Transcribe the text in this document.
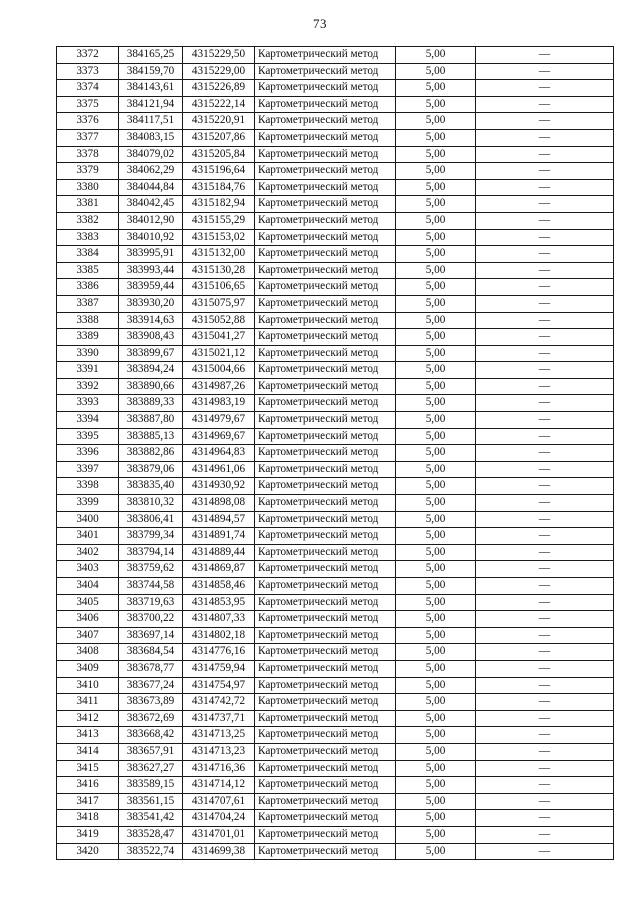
73
3372	384165,25	4315229,50	Картометрический метод	5,00	—
3373	384159,70	4315229,00	Картометрический метод	5,00	—
3374	384143,61	4315226,89	Картометрический метод	5,00	—
3375	384121,94	4315222,14	Картометрический метод	5,00	—
3376	384117,51	4315220,91	Картометрический метод	5,00	—
3377	384083,15	4315207,86	Картометрический метод	5,00	—
3378	384079,02	4315205,84	Картометрический метод	5,00	—
3379	384062,29	4315196,64	Картометрический метод	5,00	—
3380	384044,84	4315184,76	Картометрический метод	5,00	—
3381	384042,45	4315182,94	Картометрический метод	5,00	—
3382	384012,90	4315155,29	Картометрический метод	5,00	—
3383	384010,92	4315153,02	Картометрический метод	5,00	—
3384	383995,91	4315132,00	Картометрический метод	5,00	—
3385	383993,44	4315130,28	Картометрический метод	5,00	—
3386	383959,44	4315106,65	Картометрический метод	5,00	—
3387	383930,20	4315075,97	Картометрический метод	5,00	—
3388	383914,63	4315052,88	Картометрический метод	5,00	—
3389	383908,43	4315041,27	Картометрический метод	5,00	—
3390	383899,67	4315021,12	Картометрический метод	5,00	—
3391	383894,24	4315004,66	Картометрический метод	5,00	—
3392	383890,66	4314987,26	Картометрический метод	5,00	—
3393	383889,33	4314983,19	Картометрический метод	5,00	—
3394	383887,80	4314979,67	Картометрический метод	5,00	—
3395	383885,13	4314969,67	Картометрический метод	5,00	—
3396	383882,86	4314964,83	Картометрический метод	5,00	—
3397	383879,06	4314961,06	Картометрический метод	5,00	—
3398	383835,40	4314930,92	Картометрический метод	5,00	—
3399	383810,32	4314898,08	Картометрический метод	5,00	—
3400	383806,41	4314894,57	Картометрический метод	5,00	—
3401	383799,34	4314891,74	Картометрический метод	5,00	—
3402	383794,14	4314889,44	Картометрический метод	5,00	—
3403	383759,62	4314869,87	Картометрический метод	5,00	—
3404	383744,58	4314858,46	Картометрический метод	5,00	—
3405	383719,63	4314853,95	Картометрический метод	5,00	—
3406	383700,22	4314807,33	Картометрический метод	5,00	—
3407	383697,14	4314802,18	Картометрический метод	5,00	—
3408	383684,54	4314776,16	Картометрический метод	5,00	—
3409	383678,77	4314759,94	Картометрический метод	5,00	—
3410	383677,24	4314754,97	Картометрический метод	5,00	—
3411	383673,89	4314742,72	Картометрический метод	5,00	—
3412	383672,69	4314737,71	Картометрический метод	5,00	—
3413	383668,42	4314713,25	Картометрический метод	5,00	—
3414	383657,91	4314713,23	Картометрический метод	5,00	—
3415	383627,27	4314716,36	Картометрический метод	5,00	—
3416	383589,15	4314714,12	Картометрический метод	5,00	—
3417	383561,15	4314707,61	Картометрический метод	5,00	—
3418	383541,42	4314704,24	Картометрический метод	5,00	—
3419	383528,47	4314701,01	Картометрический метод	5,00	—
3420	383522,74	4314699,38	Картометрический метод	5,00	—
